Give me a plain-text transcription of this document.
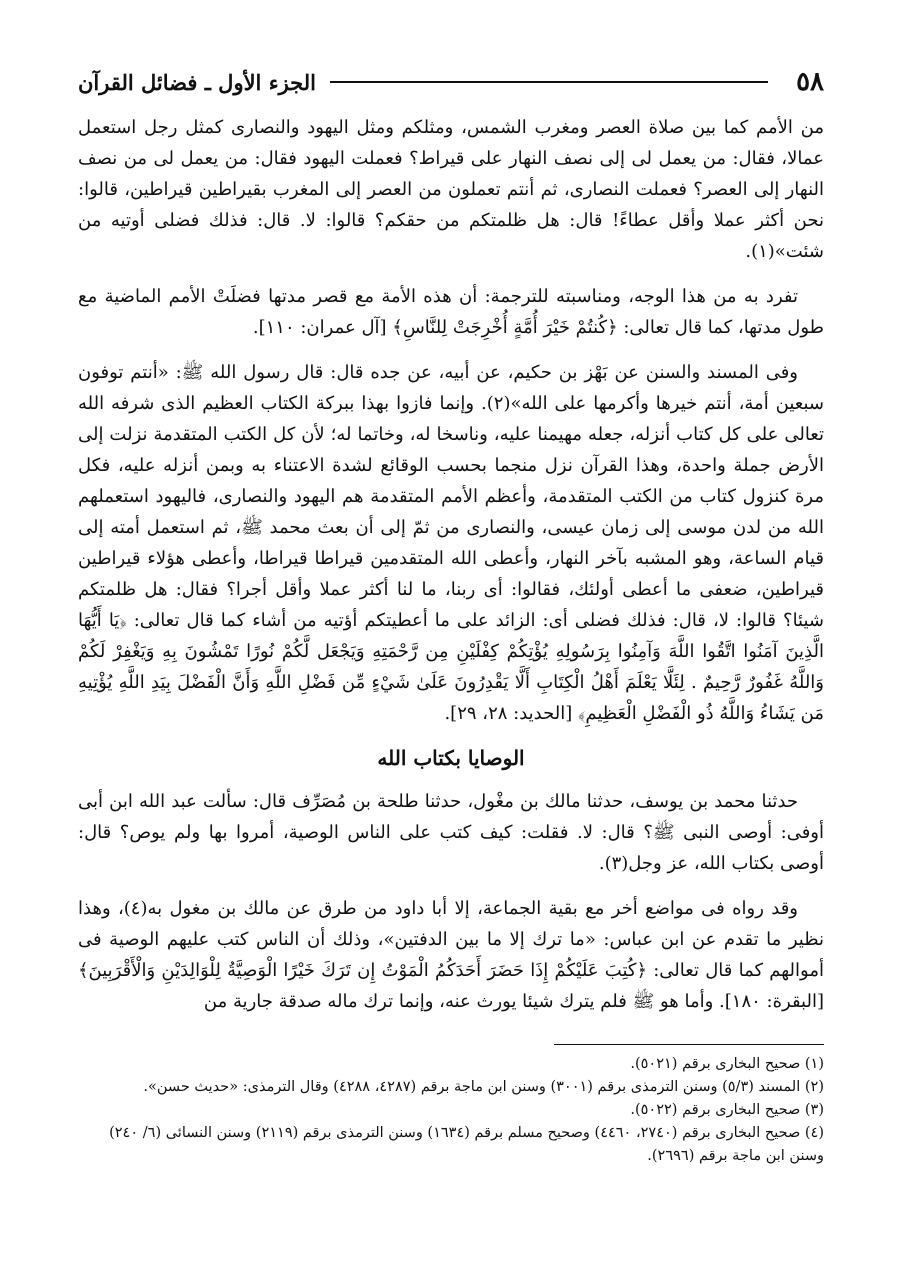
٥٨
الجزء الأول ـ فضائل القرآن

من الأمم كما بين صلاة العصر ومغرب الشمس، ومثلكم ومثل اليهود والنصارى كمثل رجل استعمل عمالا، فقال: من يعمل لى إلى نصف النهار على قيراط؟ فعملت اليهود فقال: من يعمل لى من نصف النهار إلى العصر؟ فعملت النصارى، ثم أنتم تعملون من العصر إلى المغرب بقيراطين قيراطين، قالوا: نحن أكثر عملا وأقل عطاءً! قال: هل ظلمتكم من حقكم؟ قالوا: لا. قال: فذلك فضلى أوتيه من شئت»(١).

تفرد به من هذا الوجه، ومناسبته للترجمة: أن هذه الأمة مع قصر مدتها فضلَتْ الأمم الماضية مع طول مدتها، كما قال تعالى: ﴿كُنتُمْ خَيْرَ أُمَّةٍ أُخْرِجَتْ لِلنَّاسِ﴾ [آل عمران: ١١٠].

وفى المسند والسنن عن بَهْز بن حكيم، عن أبيه، عن جده قال: قال رسول الله ﷺ: «أنتم توفون سبعين أمة، أنتم خيرها وأكرمها على الله»(٢). وإنما فازوا بهذا ببركة الكتاب العظيم الذى شرفه الله تعالى على كل كتاب أنزله، جعله مهيمنا عليه، وناسخا له، وخاتما له؛ لأن كل الكتب المتقدمة نزلت إلى الأرض جملة واحدة، وهذا القرآن نزل منجما بحسب الوقائع لشدة الاعتناء به وبمن أنزله عليه، فكل مرة كنزول كتاب من الكتب المتقدمة، وأعظم الأمم المتقدمة هم اليهود والنصارى، فاليهود استعملهم الله من لدن موسى إلى زمان عيسى، والنصارى من ثمّ إلى أن بعث محمد ﷺ، ثم استعمل أمته إلى قيام الساعة، وهو المشبه بآخر النهار، وأعطى الله المتقدمين قيراطا قيراطا، وأعطى هؤلاء قيراطين قيراطين، ضعفى ما أعطى أولئك، فقالوا: أى ربنا، ما لنا أكثر عملا وأقل أجرا؟ فقال: هل ظلمتكم شيئا؟ قالوا: لا، قال: فذلك فضلى أى: الزائد على ما أعطيتكم أؤتيه من أشاء كما قال تعالى: ﴿يَا أَيُّهَا الَّذِينَ آمَنُوا اتَّقُوا اللَّهَ وَآمِنُوا بِرَسُولِهِ يُؤْتِكُمْ كِفْلَيْنِ مِن رَّحْمَتِهِ وَيَجْعَل لَّكُمْ نُورًا تَمْشُونَ بِهِ وَيَغْفِرْ لَكُمْ وَاللَّهُ غَفُورٌ رَّحِيمٌ . لِئَلَّا يَعْلَمَ أَهْلُ الْكِتَابِ أَلَّا يَقْدِرُونَ عَلَىٰ شَيْءٍ مِّن فَضْلِ اللَّهِ وَأَنَّ الْفَضْلَ بِيَدِ اللَّهِ يُؤْتِيهِ مَن يَشَاءُ وَاللَّهُ ذُو الْفَضْلِ الْعَظِيمِ﴾ [الحديد: ٢٨، ٢٩].

الوصايا بكتاب الله

حدثنا محمد بن يوسف، حدثنا مالك بن مغْول، حدثنا طلحة بن مُصَرِّف قال: سألت عبد الله ابن أبى أوفى: أوصى النبى ﷺ؟ قال: لا. فقلت: كيف كتب على الناس الوصية، أمروا بها ولم يوص؟ قال: أوصى بكتاب الله، عز وجل(٣).

وقد رواه فى مواضع أخر مع بقية الجماعة، إلا أبا داود من طرق عن مالك بن مغول به(٤)، وهذا نظير ما تقدم عن ابن عباس: «ما ترك إلا ما بين الدفتين»، وذلك أن الناس كتب عليهم الوصية فى أموالهم كما قال تعالى: ﴿كُتِبَ عَلَيْكُمْ إِذَا حَضَرَ أَحَدَكُمُ الْمَوْتُ إِن تَرَكَ خَيْرًا الْوَصِيَّةُ لِلْوَالِدَيْنِ وَالْأَقْرَبِينَ﴾ [البقرة: ١٨٠]. وأما هو ﷺ فلم يترك شيئا يورث عنه، وإنما ترك ماله صدقة جارية من

(١) صحيح البخارى برقم (٥٠٢١).

(٢) المسند (٥/٣) وسنن الترمذى برقم (٣٠٠١) وسنن ابن ماجة برقم (٤٢٨٧، ٤٢٨٨) وقال الترمذى: «حديث حسن».

(٣) صحيح البخارى برقم (٥٠٢٢).

(٤) صحيح البخارى برقم (٢٧٤٠، ٤٤٦٠) وصحيح مسلم برقم (١٦٣٤) وسنن الترمذى برقم (٢١١٩) وسنن النسائى (٦/ ٢٤٠) وسنن ابن ماجة برقم (٢٦٩٦).
